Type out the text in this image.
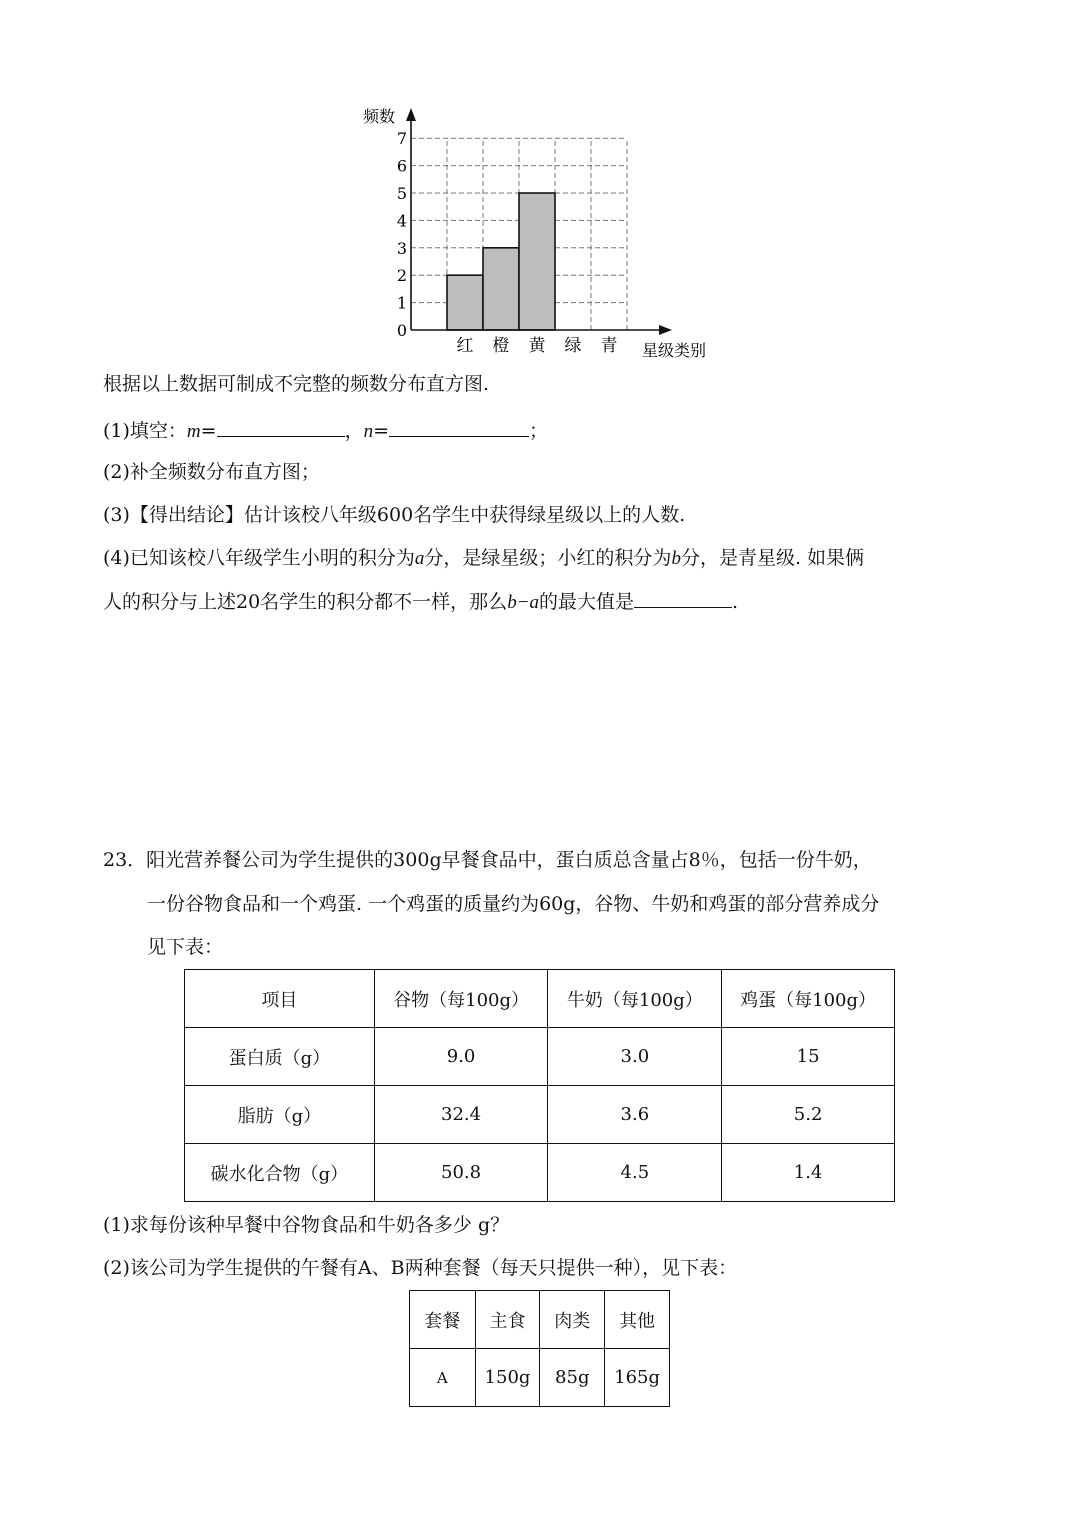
0
1
2
3
4
5
6
7
红 橙 黄 绿 青
频数
星级类别
根据以上数据可制成不完整的频数分布直方图.
(1)填空：m=	，n=	；
(2)补全频数分布直方图；
(3)【得出结论】估计该校八年级600名学生中获得绿星级以上的人数.
(4)已知该校八年级学生小明的积分为a分，是绿星级；小红的积分为b分，是青星级. 如果俩
人的积分与上述20名学生的积分都不一样，那么b−a的最大值是	.
23．阳光营养餐公司为学生提供的300g早餐食品中，蛋白质总含量占8％，包括一份牛奶，
一份谷物食品和一个鸡蛋. 一个鸡蛋的质量约为60g，谷物、牛奶和鸡蛋的部分营养成分
见下表：
项目	谷物（每100g）	牛奶（每100g）	鸡蛋（每100g）
蛋白质（g）	9.0	3.0	15
脂肪（g）	32.4	3.6	5.2
碳水化合物（g）	50.8	4.5	1.4
(1)求每份该种早餐中谷物食品和牛奶各多少 g？
(2)该公司为学生提供的午餐有A、B两种套餐（每天只提供一种），见下表：
套餐	主食	肉类	其他
A	150g	85g	165g
